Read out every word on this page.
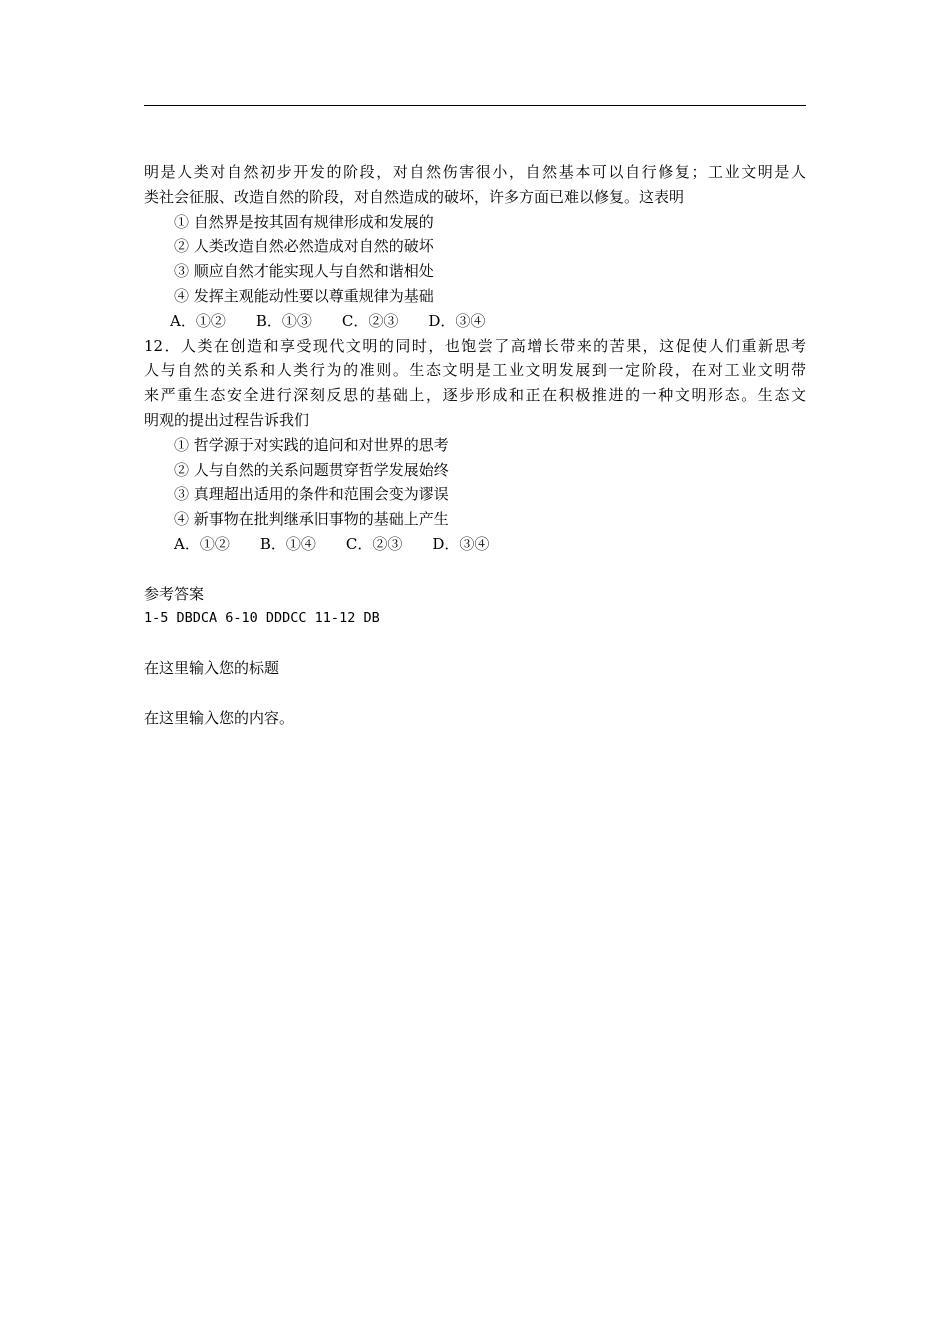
明是人类对自然初步开发的阶段，对自然伤害很小，自然基本可以自行修复；工业文明是人

类社会征服、改造自然的阶段，对自然造成的破坏，许多方面已难以修复。这表明

① 自然界是按其固有规律形成和发展的

② 人类改造自然必然造成对自然的破坏

③ 顺应自然才能实现人与自然和谐相处

④ 发挥主观能动性要以尊重规律为基础

A．①②　　B．①③　　C．②③　　D．③④

12．人类在创造和享受现代文明的同时，也饱尝了高增长带来的苦果，这促使人们重新思考

人与自然的关系和人类行为的准则。生态文明是工业文明发展到一定阶段，在对工业文明带

来严重生态安全进行深刻反思的基础上，逐步形成和正在积极推进的一种文明形态。生态文

明观的提出过程告诉我们

① 哲学源于对实践的追问和对世界的思考

② 人与自然的关系问题贯穿哲学发展始终

③ 真理超出适用的条件和范围会变为谬误

④ 新事物在批判继承旧事物的基础上产生

A．①②　　B．①④　　C．②③　　D．③④

参考答案

1-5 DBDCA 6-10 DDDCC 11-12 DB

在这里输入您的标题

在这里输入您的内容。
